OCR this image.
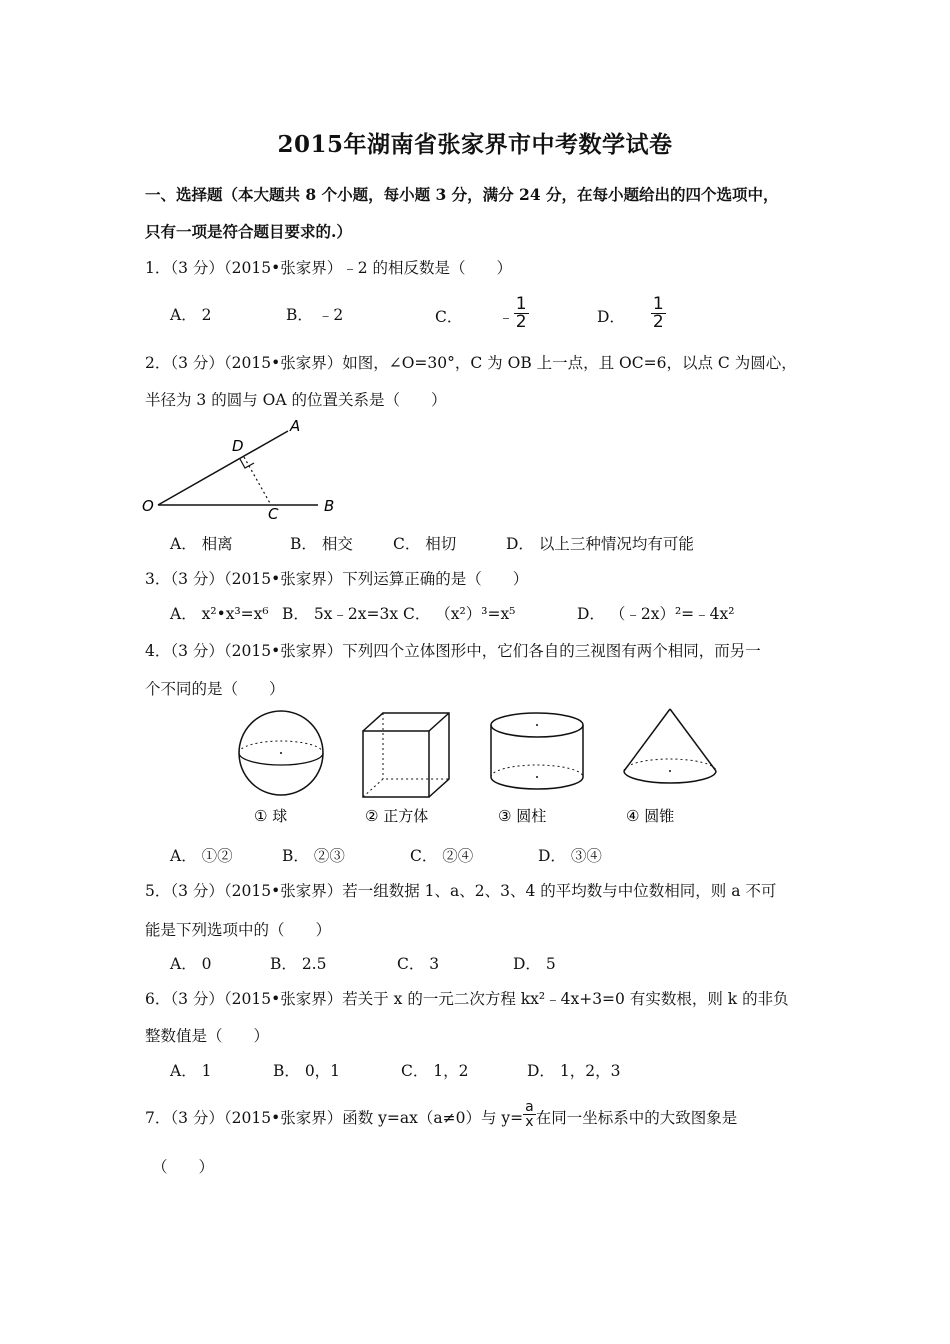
2015年湖南省张家界市中考数学试卷
一、选择题（本大题共 8 个小题，每小题 3 分，满分 24 分，在每小题给出的四个选项中，
只有一项是符合题目要求的.）
1．（3 分）（2015•张家界）﹣2 的相反数是（　　）
A． 2	B． ﹣2	C． ﹣ $\frac{1}{2}$	D． $\frac{1}{2}$
2．（3 分）（2015•张家界）如图，∠O=30°，C 为 OB 上一点，且 OC=6，以点 C 为圆心，
半径为 3 的圆与 OA 的位置关系是（　　）
O
A
B
C
D
A． 相离	B． 相交	C． 相切	D． 以上三种情况均有可能
3．（3 分）（2015•张家界）下列运算正确的是（　　）
A． x²•x³=x⁶ B． 5x﹣2x=3x C． （x²）³=x⁵	D． （﹣2x）²=﹣4x²
4．（3 分）（2015•张家界）下列四个立体图形中，它们各自的三视图有两个相同，而另一
个不同的是（　　）
① 球	② 正方体	③ 圆柱	④ 圆锥
A． ①②	B． ②③	C． ②④	D． ③④
5．（3 分）（2015•张家界）若一组数据 1、a、2、3、4 的平均数与中位数相同，则 a 不可
能是下列选项中的（　　）
A． 0	B． 2.5	C． 3	D． 5
6．（3 分）（2015•张家界）若关于 x 的一元二次方程 kx²﹣4x+3=0 有实数根，则 k 的非负
整数值是（　　）
A． 1	B． 0，1	C． 1，2	D． 1，2，3
7．（3 分）（2015•张家界）函数 y=ax（a≠0）与 $y= \frac{a}{x}$ 在同一坐标系中的大致图象是
（　　）
